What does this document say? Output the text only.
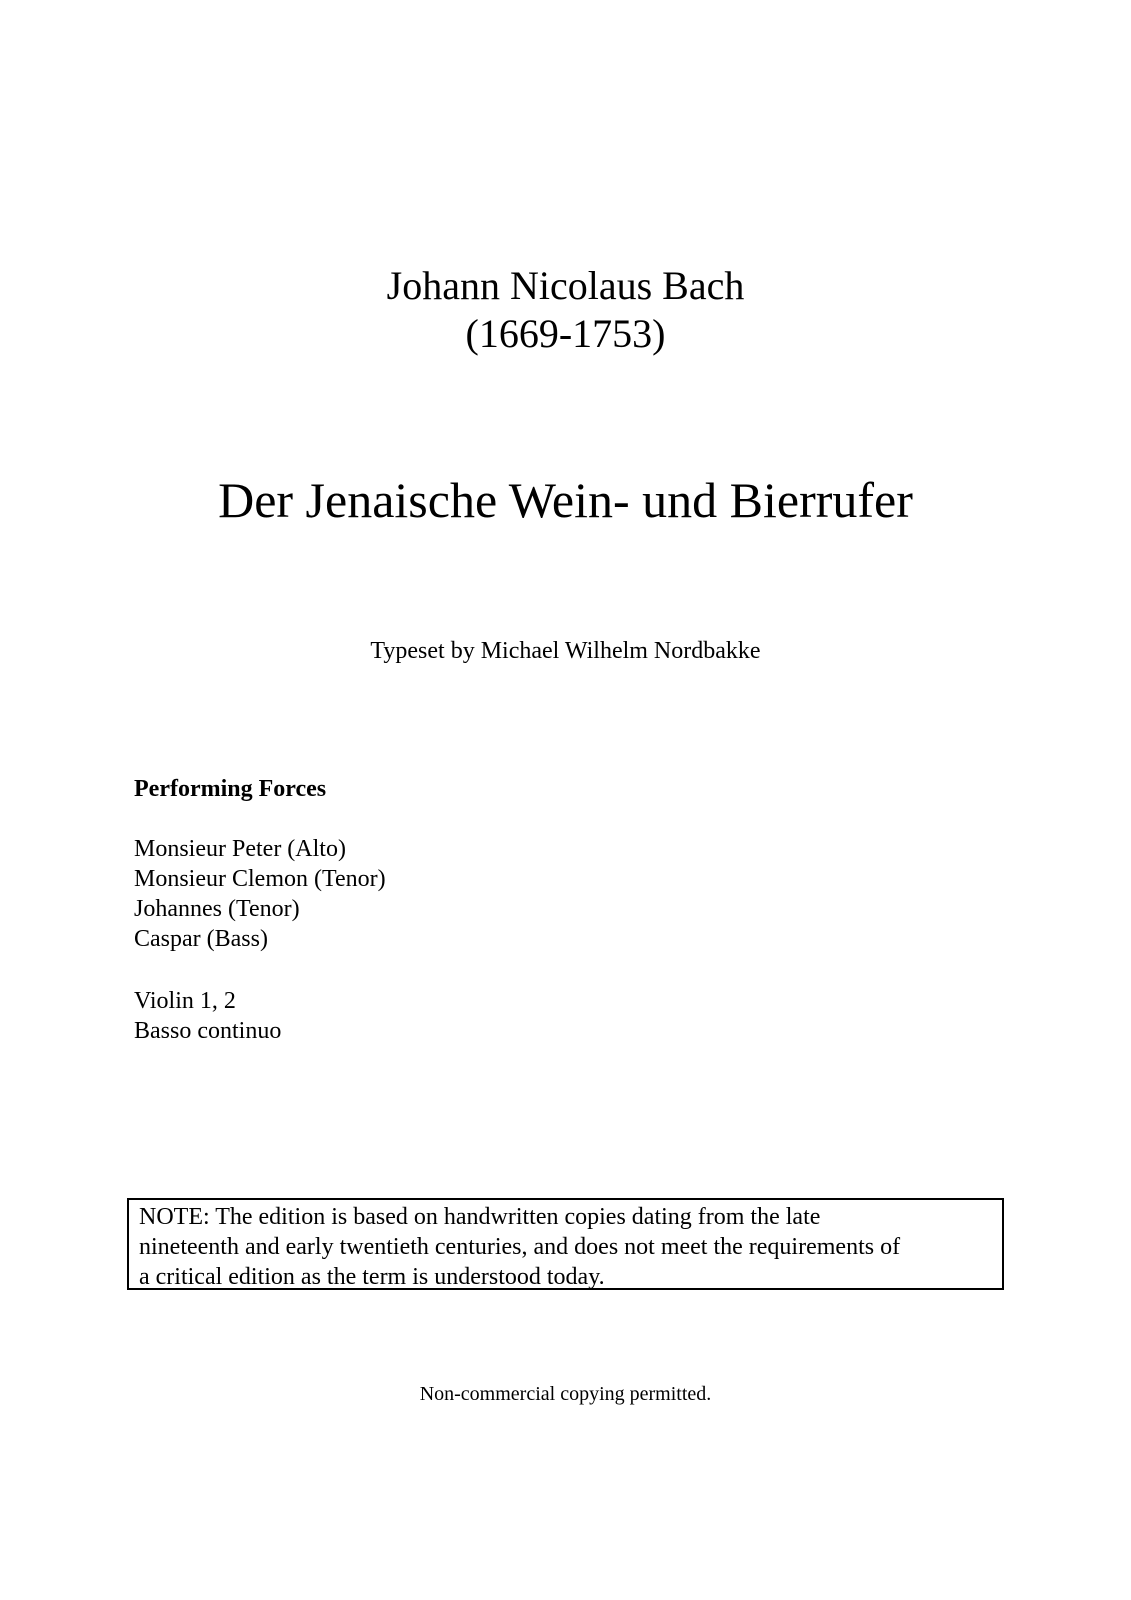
Johann Nicolaus Bach
(1669-1753)
Der Jenaische Wein- und Bierrufer
Typeset by Michael Wilhelm Nordbakke
Performing Forces
Monsieur Peter (Alto)
Monsieur Clemon (Tenor)
Johannes (Tenor)
Caspar (Bass)
Violin 1, 2
Basso continuo
NOTE: The edition is based on handwritten copies dating from the late
nineteenth and early twentieth centuries, and does not meet the requirements of
a critical edition as the term is understood today.
Non-commercial copying permitted.
